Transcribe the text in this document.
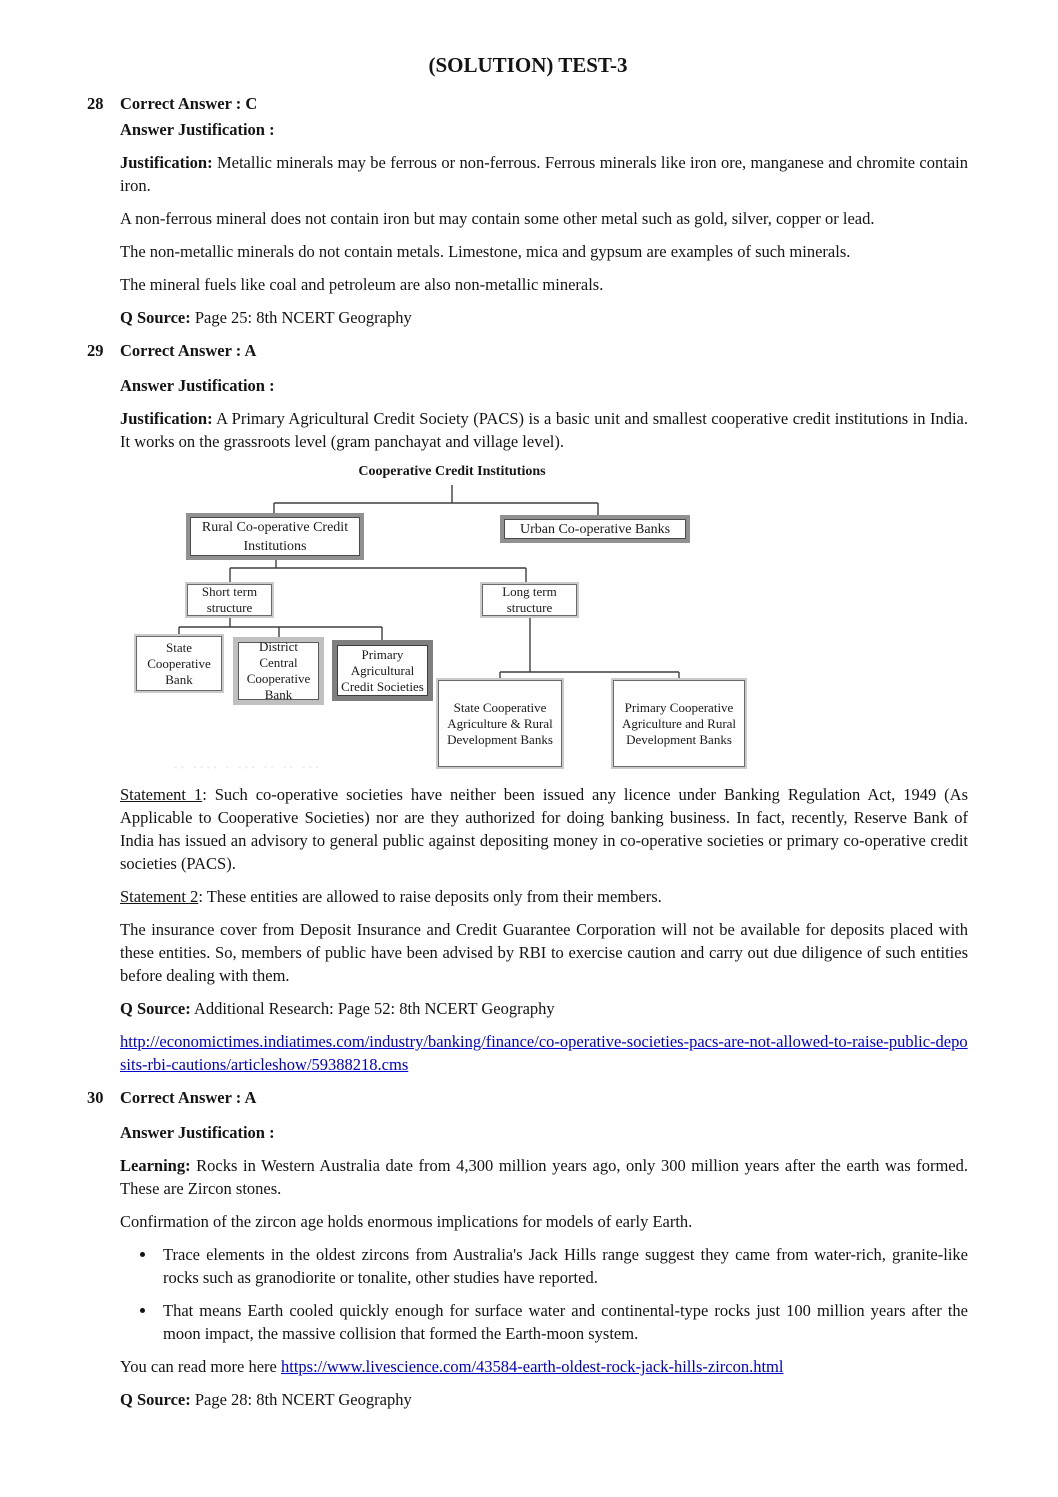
(SOLUTION) TEST-3
28 Correct Answer : C
Answer Justification :

Justification: Metallic minerals may be ferrous or non-ferrous. Ferrous minerals like iron ore, manganese and chromite contain iron.

A non-ferrous mineral does not contain iron but may contain some other metal such as gold, silver, copper or lead.

The non-metallic minerals do not contain metals. Limestone, mica and gypsum are examples of such minerals.

The mineral fuels like coal and petroleum are also non-metallic minerals.

Q Source: Page 25: 8th NCERT Geography

29 Correct Answer : A
Answer Justification :

Justification: A Primary Agricultural Credit Society (PACS) is a basic unit and smallest cooperative credit institutions in India. It works on the grassroots level (gram panchayat and village level).

Cooperative Credit Institutions
Rural Co-operative Credit Institutions
Urban Co-operative Banks
Short term structure
Long term structure
State Cooperative Bank
District Central Cooperative Bank
Primary Agricultural Credit Societies
State Cooperative Agriculture & Rural Development Banks
Primary Cooperative Agriculture and Rural Development Banks
·· ···· · ··· ·· ·· ···

Statement 1: Such co-operative societies have neither been issued any licence under Banking Regulation Act, 1949 (As Applicable to Cooperative Societies) nor are they authorized for doing banking business. In fact, recently, Reserve Bank of India has issued an advisory to general public against depositing money in co-operative societies or primary co-operative credit societies (PACS).

Statement 2: These entities are allowed to raise deposits only from their members.

The insurance cover from Deposit Insurance and Credit Guarantee Corporation will not be available for deposits placed with these entities. So, members of public have been advised by RBI to exercise caution and carry out due diligence of such entities before dealing with them.

Q Source: Additional Research: Page 52: 8th NCERT Geography

http://economictimes.indiatimes.com/industry/banking/finance/co-operative-societies-pacs-are-not-allowed-to-raise-public-deposits-rbi-cautions/articleshow/59388218.cms

30 Correct Answer : A
Answer Justification :

Learning: Rocks in Western Australia date from 4,300 million years ago, only 300 million years after the earth was formed. These are Zircon stones.

Confirmation of the zircon age holds enormous implications for models of early Earth.

• Trace elements in the oldest zircons from Australia's Jack Hills range suggest they came from water-rich, granite-like rocks such as granodiorite or tonalite, other studies have reported.
• That means Earth cooled quickly enough for surface water and continental-type rocks just 100 million years after the moon impact, the massive collision that formed the Earth-moon system.

You can read more here https://www.livescience.com/43584-earth-oldest-rock-jack-hills-zircon.html

Q Source: Page 28: 8th NCERT Geography
